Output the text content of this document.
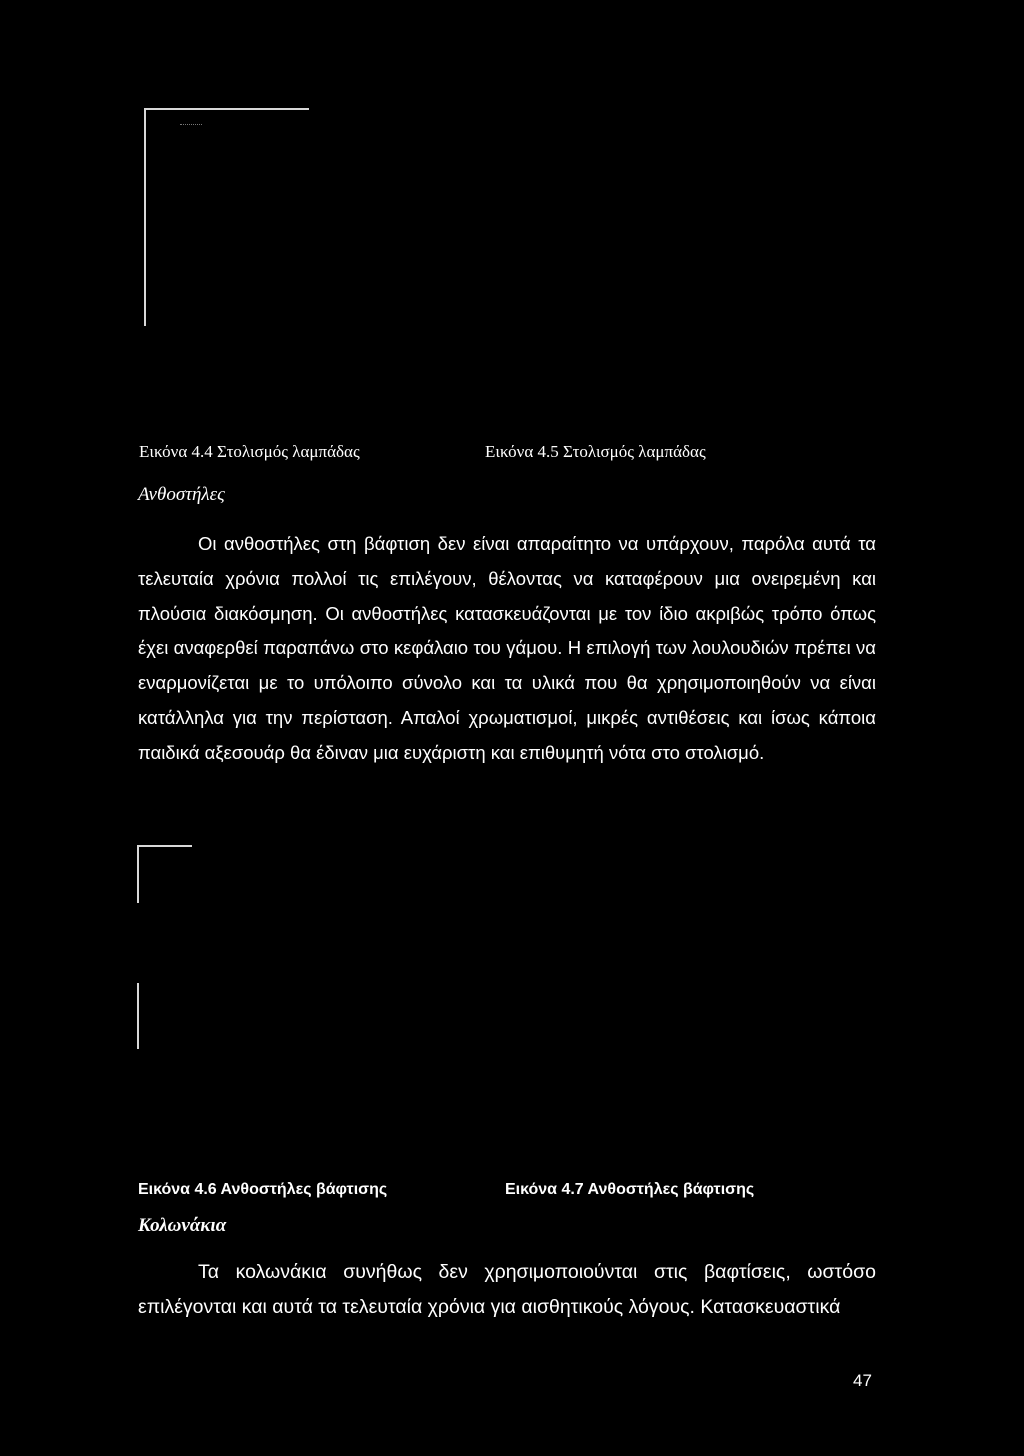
Εικόνα 4.4 Στολισμός λαμπάδας	Εικόνα 4.5 Στολισμός λαμπάδας
Ανθοστήλες

Οι ανθοστήλες στη βάφτιση δεν είναι απαραίτητο να υπάρχουν, παρόλα αυτά τα τελευταία χρόνια πολλοί τις επιλέγουν, θέλοντας να καταφέρουν μια ονειρεμένη και πλούσια διακόσμηση. Οι ανθοστήλες κατασκευάζονται με τον ίδιο ακριβώς τρόπο όπως έχει αναφερθεί παραπάνω στο κεφάλαιο του γάμου. Η επιλογή των λουλουδιών πρέπει να εναρμονίζεται με το υπόλοιπο σύνολο και τα υλικά που θα χρησιμοποιηθούν να είναι κατάλληλα για την περίσταση. Απαλοί χρωματισμοί, μικρές αντιθέσεις και ίσως κάποια παιδικά αξεσουάρ θα έδιναν μια ευχάριστη και επιθυμητή νότα στο στολισμό.

Εικόνα 4.6 Ανθοστήλες βάφτισης	Εικόνα 4.7 Ανθοστήλες βάφτισης
Κολωνάκια

Τα κολωνάκια συνήθως δεν χρησιμοποιούνται στις βαφτίσεις, ωστόσο επιλέγονται και αυτά τα τελευταία χρόνια για αισθητικούς λόγους. Κατασκευαστικά

47
